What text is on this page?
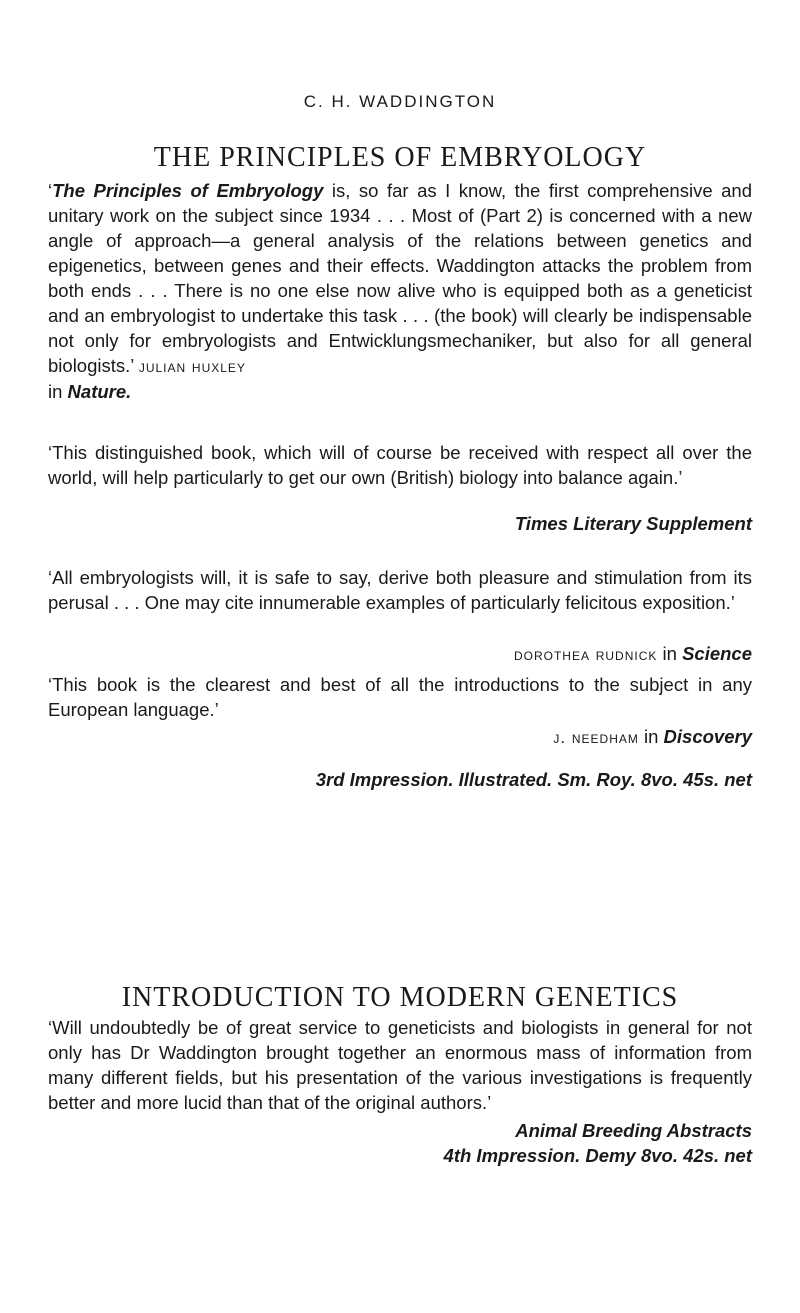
C. H. WADDINGTON
THE PRINCIPLES OF EMBRYOLOGY
‘The Principles of Embryology is, so far as I know, the first comprehensive and unitary work on the subject since 1934 . . . Most of (Part 2) is concerned with a new angle of approach—a general analysis of the relations between genetics and epigenetics, between genes and their effects. Waddington attacks the problem from both ends . . . There is no one else now alive who is equipped both as a geneticist and an embryologist to undertake this task . . . (the book) will clearly be indispensable not only for embryologists and Entwicklungsmechaniker, but also for all general biologists.’ julian huxley
in Nature.
‘This distinguished book, which will of course be received with respect all over the world, will help particularly to get our own (British) biology into balance again.’
Times Literary Supplement
‘All embryologists will, it is safe to say, derive both pleasure and stimulation from its perusal . . . One may cite innumerable examples of particularly felicitous exposition.’
dorothea rudnick in Science
‘This book is the clearest and best of all the introductions to the subject in any European language.’
j. needham in Discovery
3rd Impression. Illustrated. Sm. Roy. 8vo. 45s. net
INTRODUCTION TO MODERN GENETICS
‘Will undoubtedly be of great service to geneticists and biologists in general for not only has Dr Waddington brought together an enormous mass of information from many different fields, but his presentation of the various investigations is frequently better and more lucid than that of the original authors.’
Animal Breeding Abstracts
4th Impression. Demy 8vo. 42s. net
